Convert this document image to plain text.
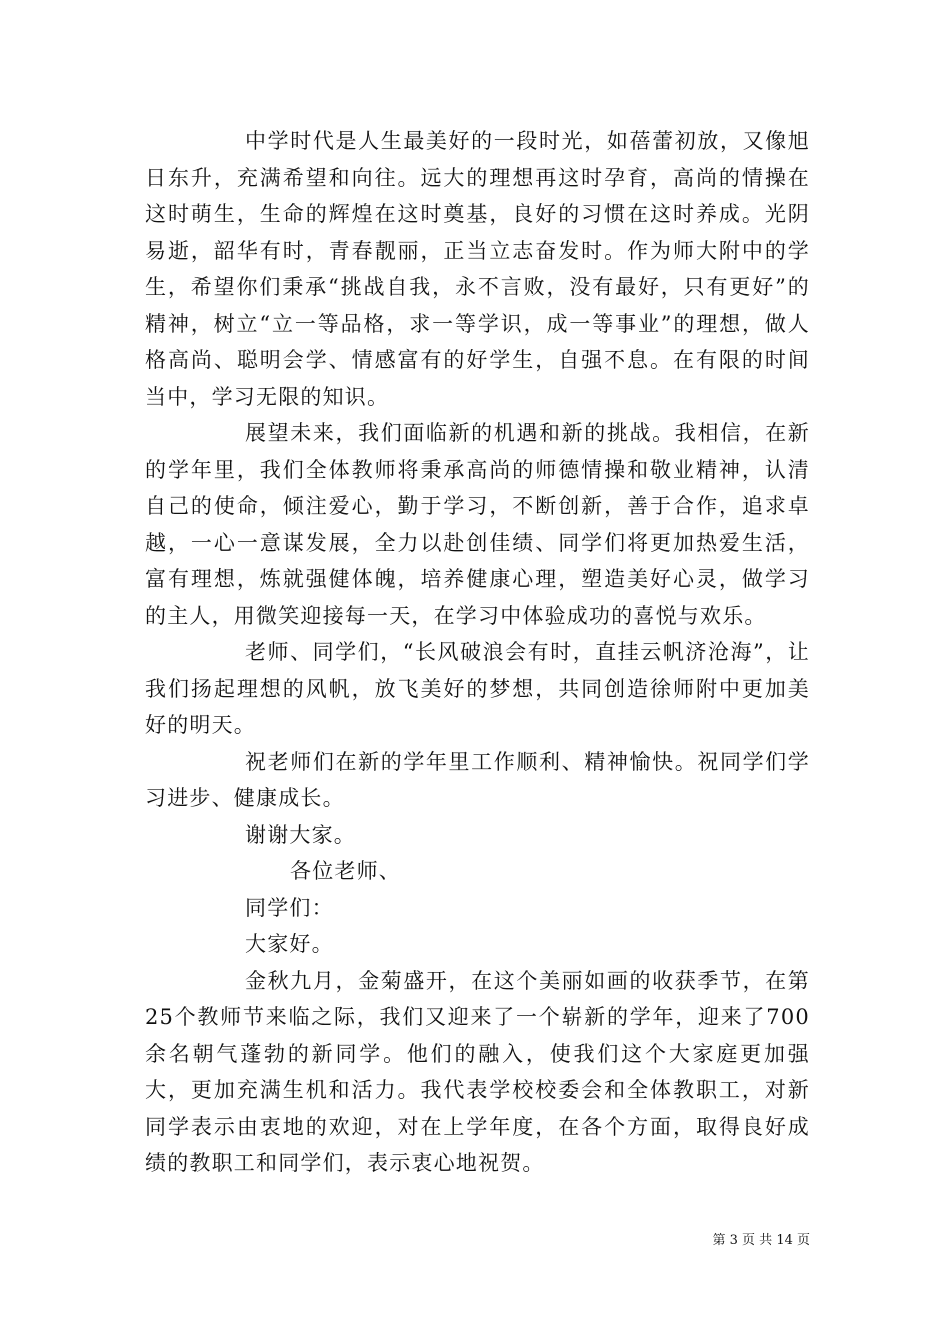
中学时代是人生最美好的一段时光，如蓓蕾初放，又像旭日东升，充满希望和向往。远大的理想再这时孕育，高尚的情操在这时萌生，生命的辉煌在这时奠基，良好的习惯在这时养成。光阴易逝，韶华有时，青春靓丽，正当立志奋发时。作为师大附中的学生，希望你们秉承“挑战自我，永不言败，没有最好，只有更好”的精神，树立“立一等品格，求一等学识，成一等事业”的理想，做人格高尚、聪明会学、情感富有的好学生，自强不息。在有限的时间当中，学习无限的知识。

展望未来，我们面临新的机遇和新的挑战。我相信，在新的学年里，我们全体教师将秉承高尚的师德情操和敬业精神，认清自己的使命，倾注爱心，勤于学习，不断创新，善于合作，追求卓越，一心一意谋发展，全力以赴创佳绩、同学们将更加热爱生活，富有理想，炼就强健体魄，培养健康心理，塑造美好心灵，做学习的主人，用微笑迎接每一天，在学习中体验成功的喜悦与欢乐。

老师、同学们，“长风破浪会有时，直挂云帆济沧海”，让我们扬起理想的风帆，放飞美好的梦想，共同创造徐师附中更加美好的明天。

祝老师们在新的学年里工作顺利、精神愉快。祝同学们学习进步、健康成长。

谢谢大家。

各位老师、

同学们：

大家好。

金秋九月，金菊盛开，在这个美丽如画的收获季节，在第25个教师节来临之际，我们又迎来了一个崭新的学年，迎来了700余名朝气蓬勃的新同学。他们的融入，使我们这个大家庭更加强大，更加充满生机和活力。我代表学校校委会和全体教职工，对新同学表示由衷地的欢迎，对在上学年度，在各个方面，取得良好成绩的教职工和同学们，表示衷心地祝贺。

第 3 页 共 14 页
